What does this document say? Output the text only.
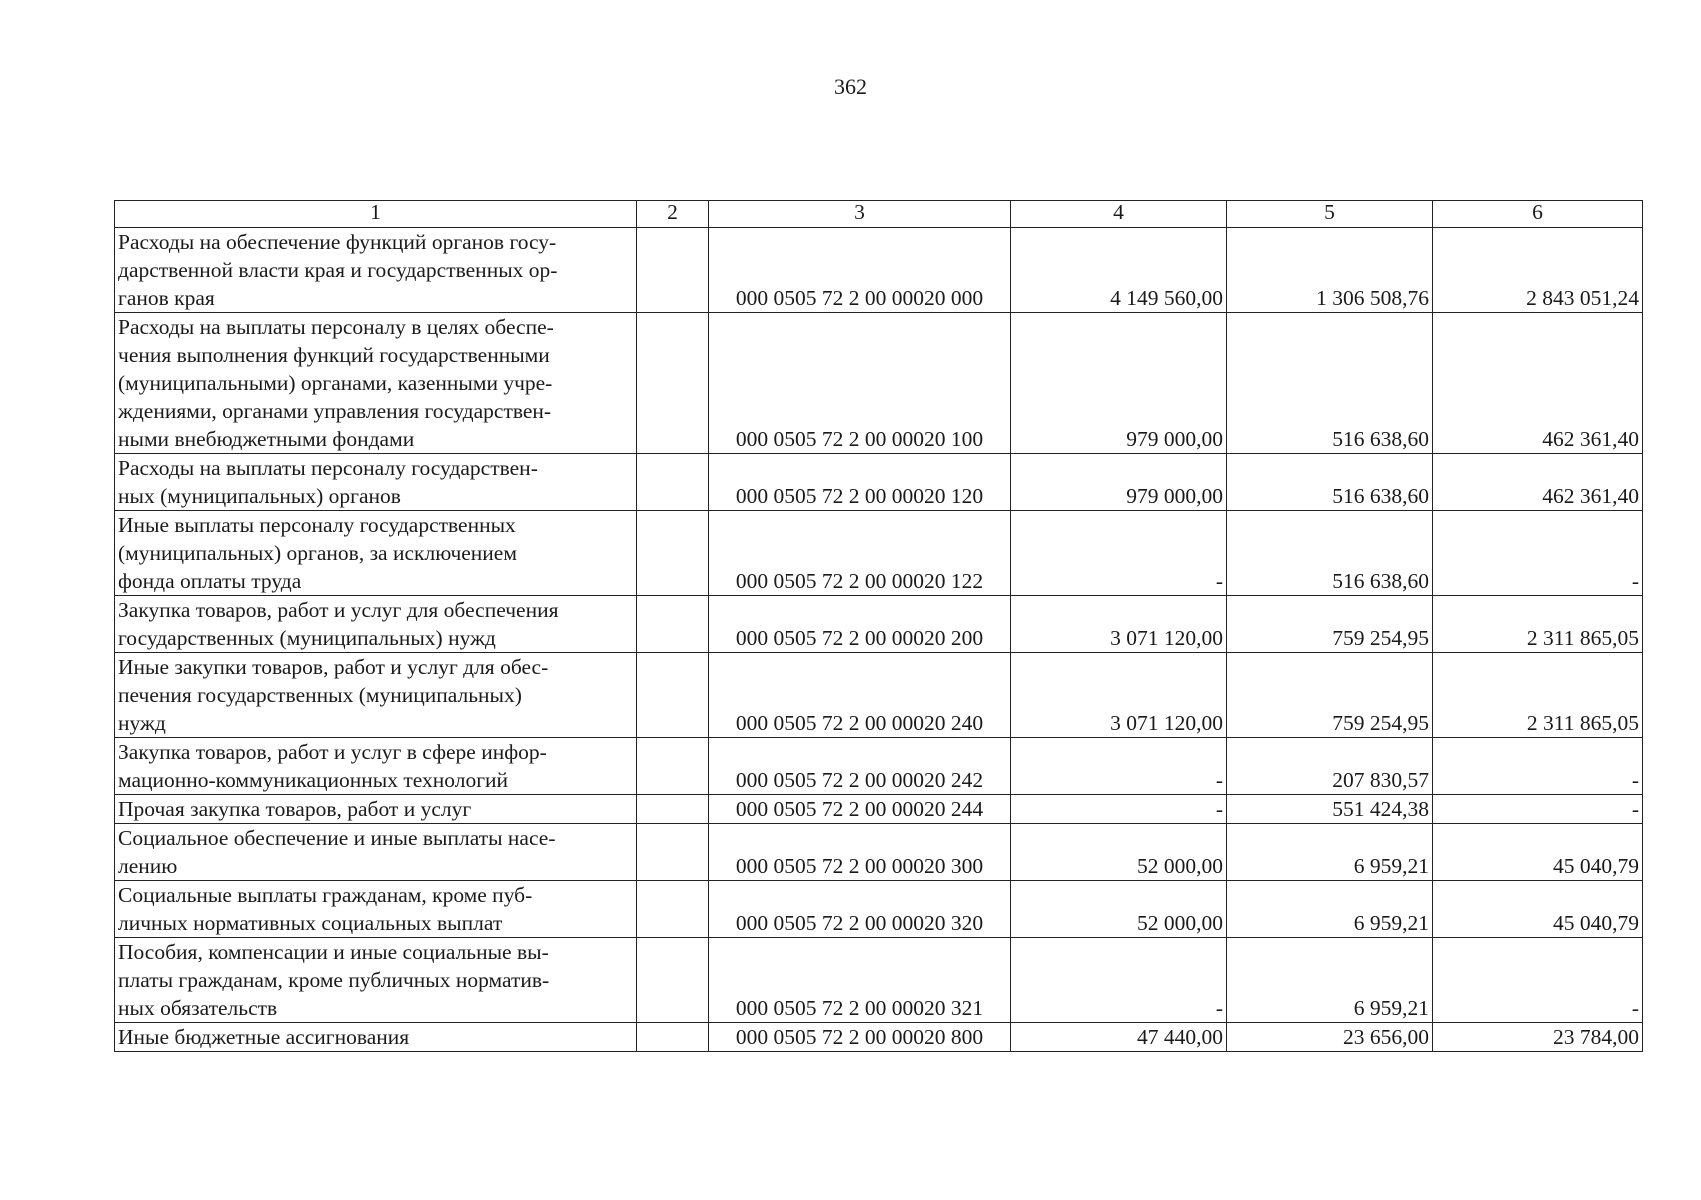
362
1	2	3	4	5	6
Расходы на обеспечение функций органов госу-
дарственной власти края и государственных ор-
ганов края		000 0505 72 2 00 00020 000	4 149 560,00	1 306 508,76	2 843 051,24
Расходы на выплаты персоналу в целях обеспе-
чения выполнения функций государственными
(муниципальными) органами, казенными учре-
ждениями, органами управления государствен-
ными внебюджетными фондами		000 0505 72 2 00 00020 100	979 000,00	516 638,60	462 361,40
Расходы на выплаты персоналу государствен-
ных (муниципальных) органов		000 0505 72 2 00 00020 120	979 000,00	516 638,60	462 361,40
Иные выплаты персоналу государственных
(муниципальных) органов, за исключением
фонда оплаты труда		000 0505 72 2 00 00020 122	-	516 638,60	-
Закупка товаров, работ и услуг для обеспечения
государственных (муниципальных) нужд		000 0505 72 2 00 00020 200	3 071 120,00	759 254,95	2 311 865,05
Иные закупки товаров, работ и услуг для обес-
печения государственных (муниципальных)
нужд		000 0505 72 2 00 00020 240	3 071 120,00	759 254,95	2 311 865,05
Закупка товаров, работ и услуг в сфере инфор-
мационно-коммуникационных технологий		000 0505 72 2 00 00020 242	-	207 830,57	-
Прочая закупка товаров, работ и услуг		000 0505 72 2 00 00020 244	-	551 424,38	-
Социальное обеспечение и иные выплаты насе-
лению		000 0505 72 2 00 00020 300	52 000,00	6 959,21	45 040,79
Социальные выплаты гражданам, кроме пуб-
личных нормативных социальных выплат		000 0505 72 2 00 00020 320	52 000,00	6 959,21	45 040,79
Пособия, компенсации и иные социальные вы-
платы гражданам, кроме публичных норматив-
ных обязательств		000 0505 72 2 00 00020 321	-	6 959,21	-
Иные бюджетные ассигнования		000 0505 72 2 00 00020 800	47 440,00	23 656,00	23 784,00
